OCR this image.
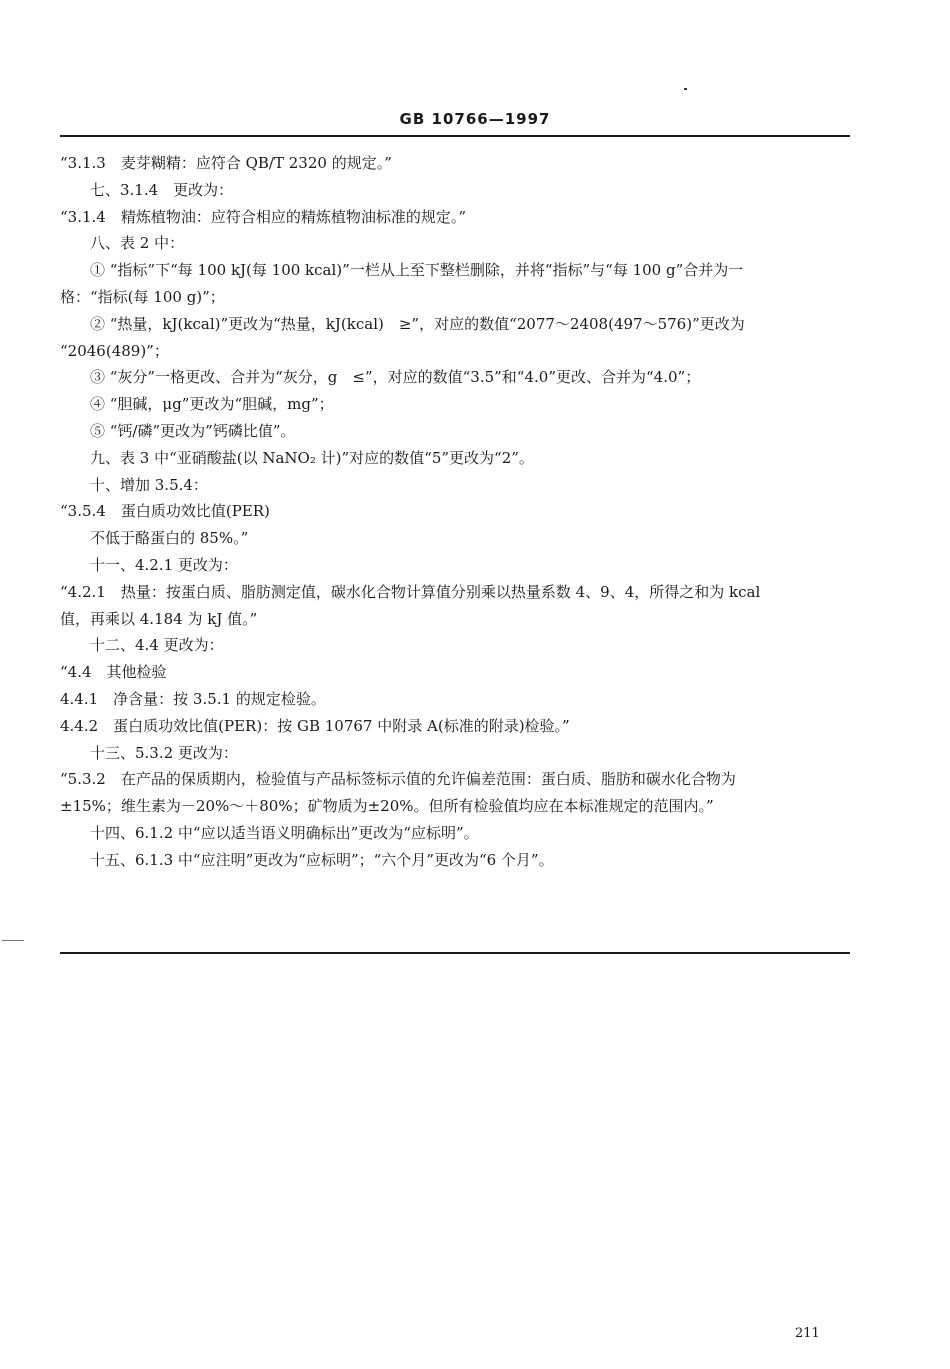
GB 10766—1997
“3.1.3　麦芽糊精：应符合 QB/T 2320 的规定。”
七、3.1.4　更改为：
“3.1.4　精炼植物油：应符合相应的精炼植物油标准的规定。”
八、表 2 中：
① “指标”下“每 100 kJ(每 100 kcal)”一栏从上至下整栏删除，并将“指标”与“每 100 g”合并为一
格：“指标(每 100 g)”；
② “热量，kJ(kcal)”更改为“热量，kJ(kcal)　≥”，对应的数值“2077～2408(497～576)”更改为
“2046(489)”；
③ “灰分”一格更改、合并为“灰分，g　≤”，对应的数值“3.5”和“4.0”更改、合并为“4.0”；
④ “胆碱，μg”更改为“胆碱，mg”；
⑤ “钙/磷”更改为”钙磷比值”。
九、表 3 中“亚硝酸盐(以 NaNO₂ 计)”对应的数值“5”更改为“2”。
十、增加 3.5.4：
“3.5.4　蛋白质功效比值(PER)
不低于酪蛋白的 85%。”
十一、4.2.1 更改为：
“4.2.1　热量：按蛋白质、脂肪测定值，碳水化合物计算值分别乘以热量系数 4、9、4，所得之和为 kcal
值，再乘以 4.184 为 kJ 值。”
十二、4.4 更改为：
“4.4　其他检验
4.4.1　净含量：按 3.5.1 的规定检验。
4.4.2　蛋白质功效比值(PER)：按 GB 10767 中附录 A(标准的附录)检验。”
十三、5.3.2 更改为：
“5.3.2　在产品的保质期内，检验值与产品标签标示值的允许偏差范围：蛋白质、脂肪和碳水化合物为
±15%；维生素为－20%～＋80%；矿物质为±20%。但所有检验值均应在本标准规定的范围内。”
十四、6.1.2 中“应以适当语义明确标出”更改为“应标明”。
十五、6.1.3 中“应注明”更改为“应标明”；“六个月”更改为“6 个月”。
211
